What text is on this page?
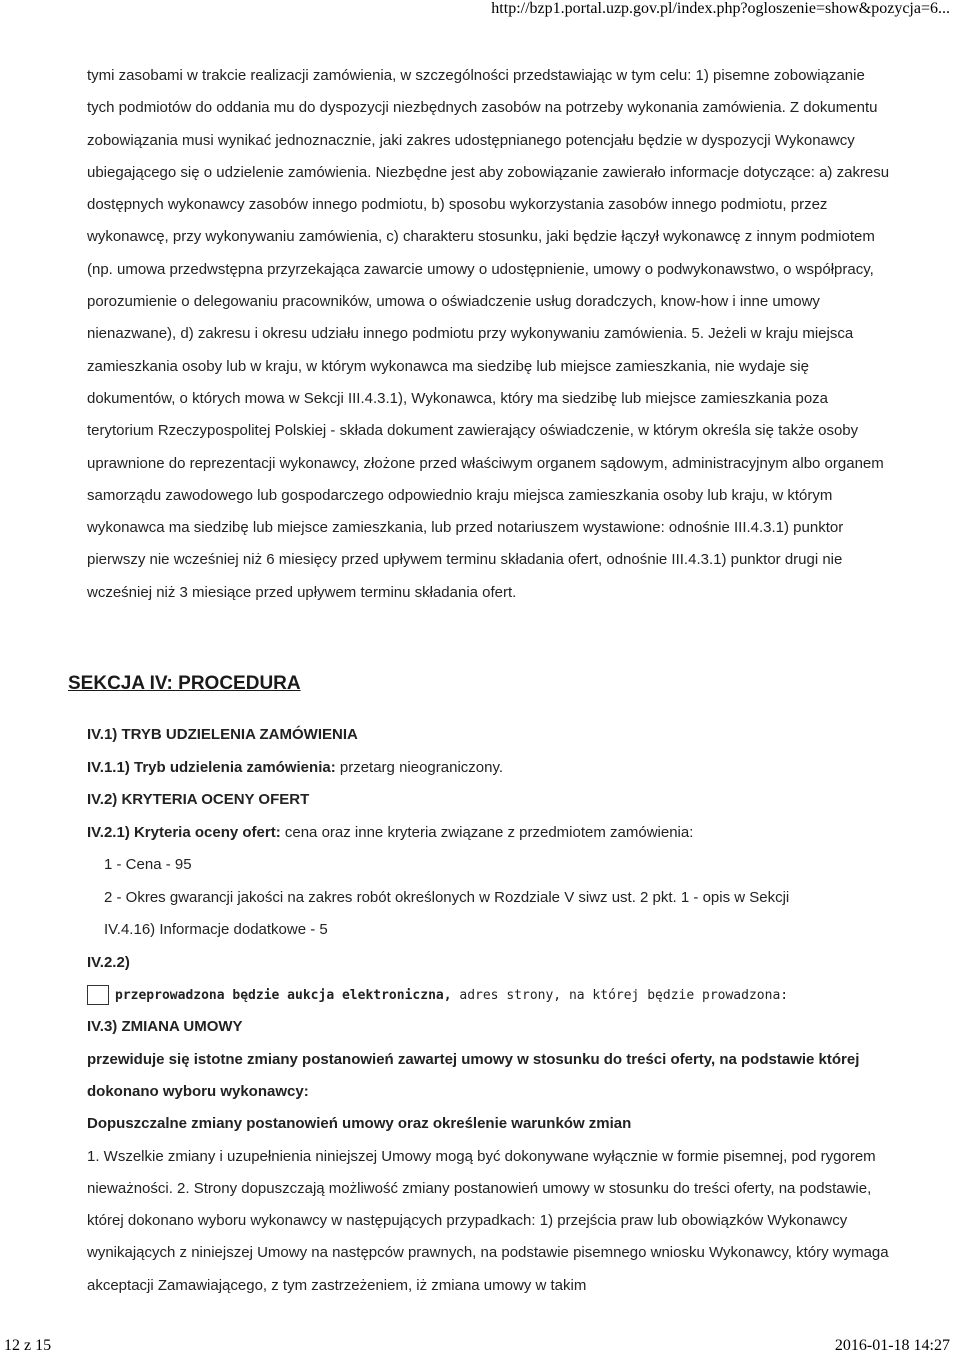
http://bzp1.portal.uzp.gov.pl/index.php?ogloszenie=show&pozycja=6...

tymi zasobami w trakcie realizacji zamówienia, w szczególności przedstawiając w tym celu: 1) pisemne zobowiązanie tych podmiotów do oddania mu do dyspozycji niezbędnych zasobów na potrzeby wykonania zamówienia. Z dokumentu zobowiązania musi wynikać jednoznacznie, jaki zakres udostępnianego potencjału będzie w dyspozycji Wykonawcy ubiegającego się o udzielenie zamówienia. Niezbędne jest aby zobowiązanie zawierało informacje dotyczące: a) zakresu dostępnych wykonawcy zasobów innego podmiotu, b) sposobu wykorzystania zasobów innego podmiotu, przez wykonawcę, przy wykonywaniu zamówienia, c) charakteru stosunku, jaki będzie łączył wykonawcę z innym podmiotem (np. umowa przedwstępna przyrzekająca zawarcie umowy o udostępnienie, umowy o podwykonawstwo, o współpracy, porozumienie o delegowaniu pracowników, umowa o oświadczenie usług doradczych, know-how i inne umowy nienazwane), d) zakresu i okresu udziału innego podmiotu przy wykonywaniu zamówienia. 5. Jeżeli w kraju miejsca zamieszkania osoby lub w kraju, w którym wykonawca ma siedzibę lub miejsce zamieszkania, nie wydaje się dokumentów, o których mowa w Sekcji III.4.3.1), Wykonawca, który ma siedzibę lub miejsce zamieszkania poza terytorium Rzeczypospolitej Polskiej - składa dokument zawierający oświadczenie, w którym określa się także osoby uprawnione do reprezentacji wykonawcy, złożone przed właściwym organem sądowym, administracyjnym albo organem samorządu zawodowego lub gospodarczego odpowiednio kraju miejsca zamieszkania osoby lub kraju, w którym wykonawca ma siedzibę lub miejsce zamieszkania, lub przed notariuszem wystawione: odnośnie III.4.3.1) punktor pierwszy nie wcześniej niż 6 miesięcy przed upływem terminu składania ofert, odnośnie III.4.3.1) punktor drugi nie wcześniej niż 3 miesiące przed upływem terminu składania ofert.

SEKCJA IV: PROCEDURA

IV.1) TRYB UDZIELENIA ZAMÓWIENIA

IV.1.1) Tryb udzielenia zamówienia: przetarg nieograniczony.

IV.2) KRYTERIA OCENY OFERT

IV.2.1) Kryteria oceny ofert: cena oraz inne kryteria związane z przedmiotem zamówienia:

1 - Cena - 95

2 - Okres gwarancji jakości na zakres robót określonych w Rozdziale V siwz ust. 2 pkt. 1 - opis w Sekcji

IV.4.16) Informacje dodatkowe - 5

IV.2.2)

przeprowadzona będzie aukcja elektroniczna, adres strony, na której będzie prowadzona:

IV.3) ZMIANA UMOWY

przewiduje się istotne zmiany postanowień zawartej umowy w stosunku do treści oferty, na podstawie której dokonano wyboru wykonawcy:

Dopuszczalne zmiany postanowień umowy oraz określenie warunków zmian

1. Wszelkie zmiany i uzupełnienia niniejszej Umowy mogą być dokonywane wyłącznie w formie pisemnej, pod rygorem nieważności. 2. Strony dopuszczają możliwość zmiany postanowień umowy w stosunku do treści oferty, na podstawie, której dokonano wyboru wykonawcy w następujących przypadkach: 1) przejścia praw lub obowiązków Wykonawcy wynikających z niniejszej Umowy na następców prawnych, na podstawie pisemnego wniosku Wykonawcy, który wymaga akceptacji Zamawiającego, z tym zastrzeżeniem, iż zmiana umowy w takim

12 z 15	2016-01-18 14:27
